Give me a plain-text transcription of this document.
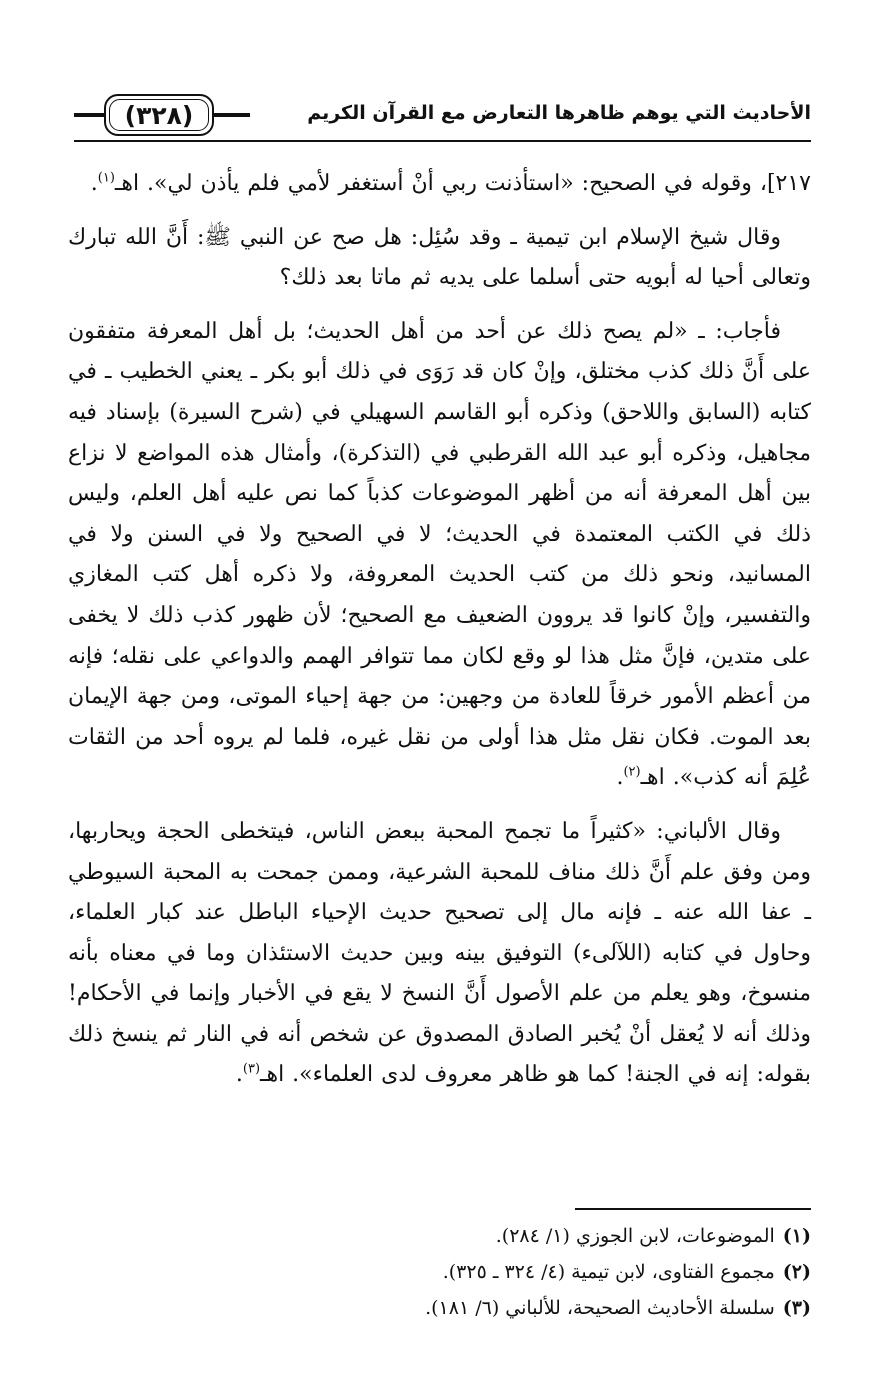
(٣٢٨)	الأحاديث التي يوهم ظاهرها التعارض مع القرآن الكريم

٢١٧]، وقوله في الصحيح: «استأذنت ربي أنْ أستغفر لأمي فلم يأذن لي». اهـ$^{(١)}$.

وقال شيخ الإسلام ابن تيمية ـ وقد سُئِل: هل صح عن النبي ﷺ: أَنَّ الله تبارك وتعالى أحيا له أبويه حتى أسلما على يديه ثم ماتا بعد ذلك؟

فأجاب: ـ «لم يصح ذلك عن أحد من أهل الحديث؛ بل أهل المعرفة متفقون على أَنَّ ذلك كذب مختلق، وإنْ كان قد رَوَى في ذلك أبو بكر ـ يعني الخطيب ـ في كتابه (السابق واللاحق) وذكره أبو القاسم السهيلي في (شرح السيرة) بإسناد فيه مجاهيل، وذكره أبو عبد الله القرطبي في (التذكرة)، وأمثال هذه المواضع لا نزاع بين أهل المعرفة أنه من أظهر الموضوعات كذباً كما نص عليه أهل العلم، وليس ذلك في الكتب المعتمدة في الحديث؛ لا في الصحيح ولا في السنن ولا في المسانيد، ونحو ذلك من كتب الحديث المعروفة، ولا ذكره أهل كتب المغازي والتفسير، وإنْ كانوا قد يروون الضعيف مع الصحيح؛ لأن ظهور كذب ذلك لا يخفى على متدين، فإنَّ مثل هذا لو وقع لكان مما تتوافر الهمم والدواعي على نقله؛ فإنه من أعظم الأمور خرقاً للعادة من وجهين: من جهة إحياء الموتى، ومن جهة الإيمان بعد الموت. فكان نقل مثل هذا أولى من نقل غيره، فلما لم يروه أحد من الثقات عُلِمَ أنه كذب». اهـ$^{(٢)}$.

وقال الألباني: «كثيراً ما تجمح المحبة ببعض الناس، فيتخطى الحجة ويحاربها، ومن وفق علم أَنَّ ذلك مناف للمحبة الشرعية، وممن جمحت به المحبة السيوطي ـ عفا الله عنه ـ فإنه مال إلى تصحيح حديث الإحياء الباطل عند كبار العلماء، وحاول في كتابه (اللآلىء) التوفيق بينه وبين حديث الاستئذان وما في معناه بأنه منسوخ، وهو يعلم من علم الأصول أَنَّ النسخ لا يقع في الأخبار وإنما في الأحكام! وذلك أنه لا يُعقل أنْ يُخبر الصادق المصدوق عن شخص أنه في النار ثم ينسخ ذلك بقوله: إنه في الجنة! كما هو ظاهر معروف لدى العلماء». اهـ$^{(٣)}$.

(١)الموضوعات، لابن الجوزي (١/ ٢٨٤).

(٢)مجموع الفتاوى، لابن تيمية (٤/ ٣٢٤ ـ ٣٢٥).

(٣)سلسلة الأحاديث الصحيحة، للألباني (٦/ ١٨١).
